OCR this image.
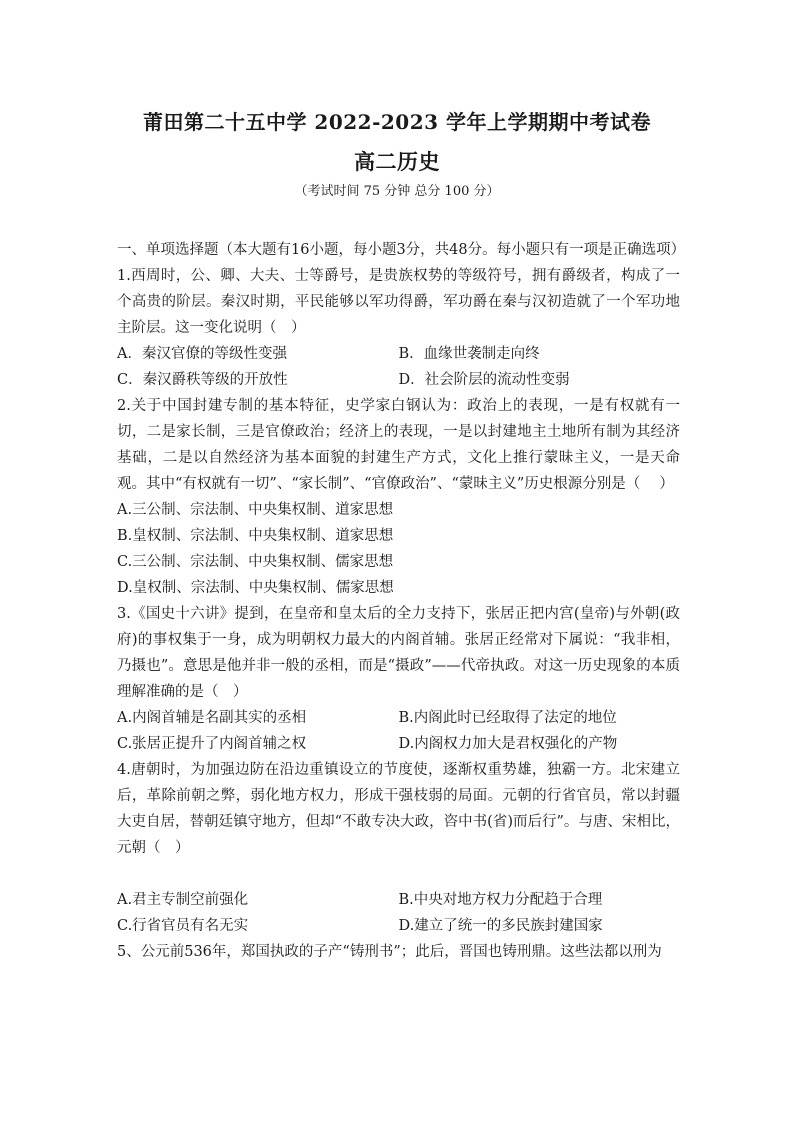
莆田第二十五中学 2022-2023 学年上学期期中考试卷
高二历史
（考试时间 75 分钟 总分 100 分）

一、单项选择题（本大题有16小题，每小题3分，共48分。每小题只有一项是正确选项）

1.西周时，公、卿、大夫、士等爵号，是贵族权势的等级符号，拥有爵级者，构成了一个高贵的阶层。秦汉时期，平民能够以军功得爵，军功爵在秦与汉初造就了一个军功地主阶层。这一变化说明（　）

A．秦汉官僚的等级性变强	B．血缘世袭制走向终
C．秦汉爵秩等级的开放性	D．社会阶层的流动性变弱

2.关于中国封建专制的基本特征，史学家白钢认为：政治上的表现，一是有权就有一切，二是家长制，三是官僚政治；经济上的表现，一是以封建地主土地所有制为其经济基础，二是以自然经济为基本面貌的封建生产方式，文化上推行蒙昧主义，一是天命观。其中“有权就有一切”、“家长制”、“官僚政治”、“蒙昧主义”历史根源分别是（　 ）

A.三公制、宗法制、中央集权制、道家思想
B.皇权制、宗法制、中央集权制、道家思想
C.三公制、宗法制、中央集权制、儒家思想
D.皇权制、宗法制、中央集权制、儒家思想

3.《国史十六讲》提到，在皇帝和皇太后的全力支持下，张居正把内宫(皇帝)与外朝(政府)的事权集于一身，成为明朝权力最大的内阁首辅。张居正经常对下属说：“我非相，乃摄也”。意思是他并非一般的丞相，而是“摄政”——代帝执政。对这一历史现象的本质理解准确的是（　）

A.内阁首辅是名副其实的丞相	B.内阁此时已经取得了法定的地位
C.张居正提升了内阁首辅之权	D.内阁权力加大是君权强化的产物

4.唐朝时，为加强边防在沿边重镇设立的节度使，逐渐权重势雄，独霸一方。北宋建立后，革除前朝之弊，弱化地方权力，形成干强枝弱的局面。元朝的行省官员，常以封疆大吏自居，替朝廷镇守地方，但却“不敢专决大政，咨中书(省)而后行”。与唐、宋相比，元朝（　）

A.君主专制空前强化	B.中央对地方权力分配趋于合理
C.行省官员有名无实	D.建立了统一的多民族封建国家

5、公元前536年，郑国执政的子产“铸刑书”；此后，晋国也铸刑鼎。这些法都以刑为
